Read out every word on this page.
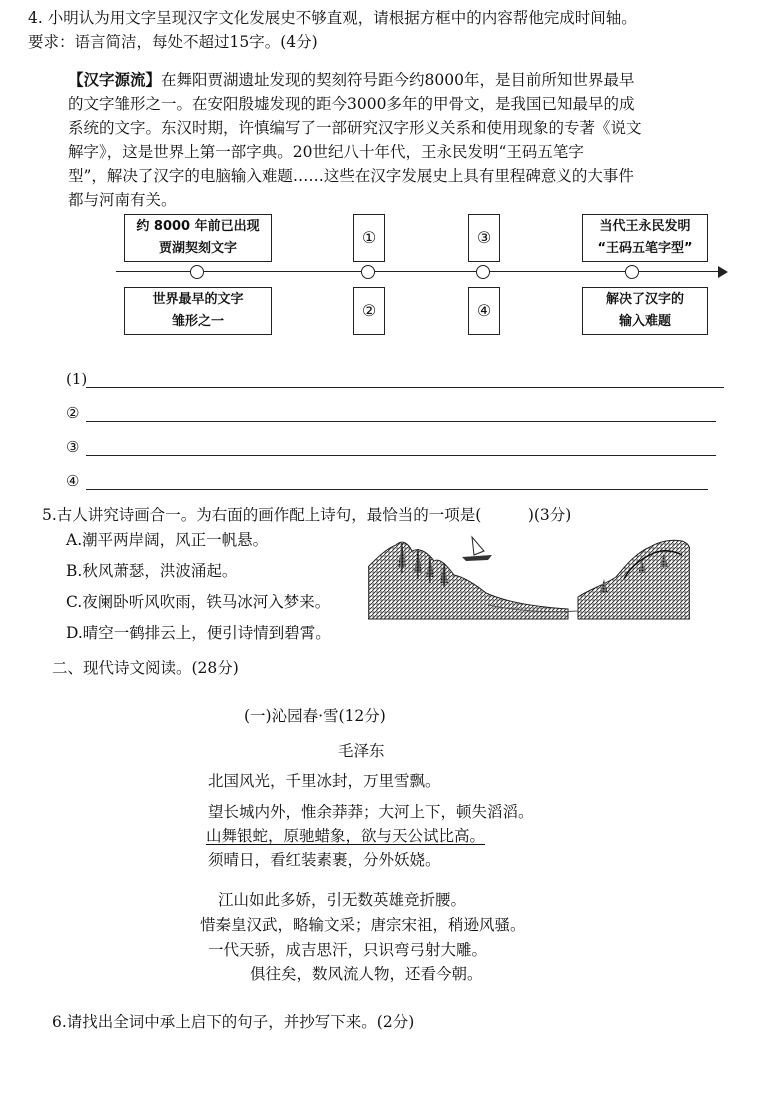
4. 小明认为用文字呈现汉字文化发展史不够直观，请根据方框中的内容帮他完成时间轴。
要求：语言简洁，每处不超过15字。(4分)
【汉字源流】在舞阳贾湖遗址发现的契刻符号距今约8000年，是目前所知世界最早
的文字雏形之一。在安阳殷墟发现的距今3000多年的甲骨文，是我国已知最早的成
系统的文字。东汉时期，许慎编写了一部研究汉字形义关系和使用现象的专著《说文
解字》，这是世界上第一部字典。20世纪八十年代，王永民发明“王码五笔字
型”，解决了汉字的电脑输入难题……这些在汉字发展史上具有里程碑意义的大事件
都与河南有关。
约 8000 年前已出现
贾湖契刻文字
①	③
当代王永民发明
“王码五笔字型”
世界最早的文字
雏形之一
②	④
解决了汉字的
输入难题
(1)
②
③
④
5.古人讲究诗画合一。为右面的画作配上诗句，最恰当的一项是(　　　)(3分)
A.潮平两岸阔，风正一帆悬。
B.秋风萧瑟，洪波涌起。
C.夜阑卧听风吹雨，铁马冰河入梦来。
D.晴空一鹤排云上，便引诗情到碧霄。
二、现代诗文阅读。(28分)
(一)沁园春·雪(12分)
毛泽东
北国风光，千里冰封，万里雪飘。
望长城内外，惟余莽莽；大河上下，顿失滔滔。
山舞银蛇，原驰蜡象，欲与天公试比高。
须晴日，看红装素裹，分外妖娆。
江山如此多娇，引无数英雄竞折腰。
惜秦皇汉武，略输文采；唐宗宋祖，稍逊风骚。
一代天骄，成吉思汗，只识弯弓射大雕。
俱往矣，数风流人物，还看今朝。
6.请找出全词中承上启下的句子，并抄写下来。(2分)
